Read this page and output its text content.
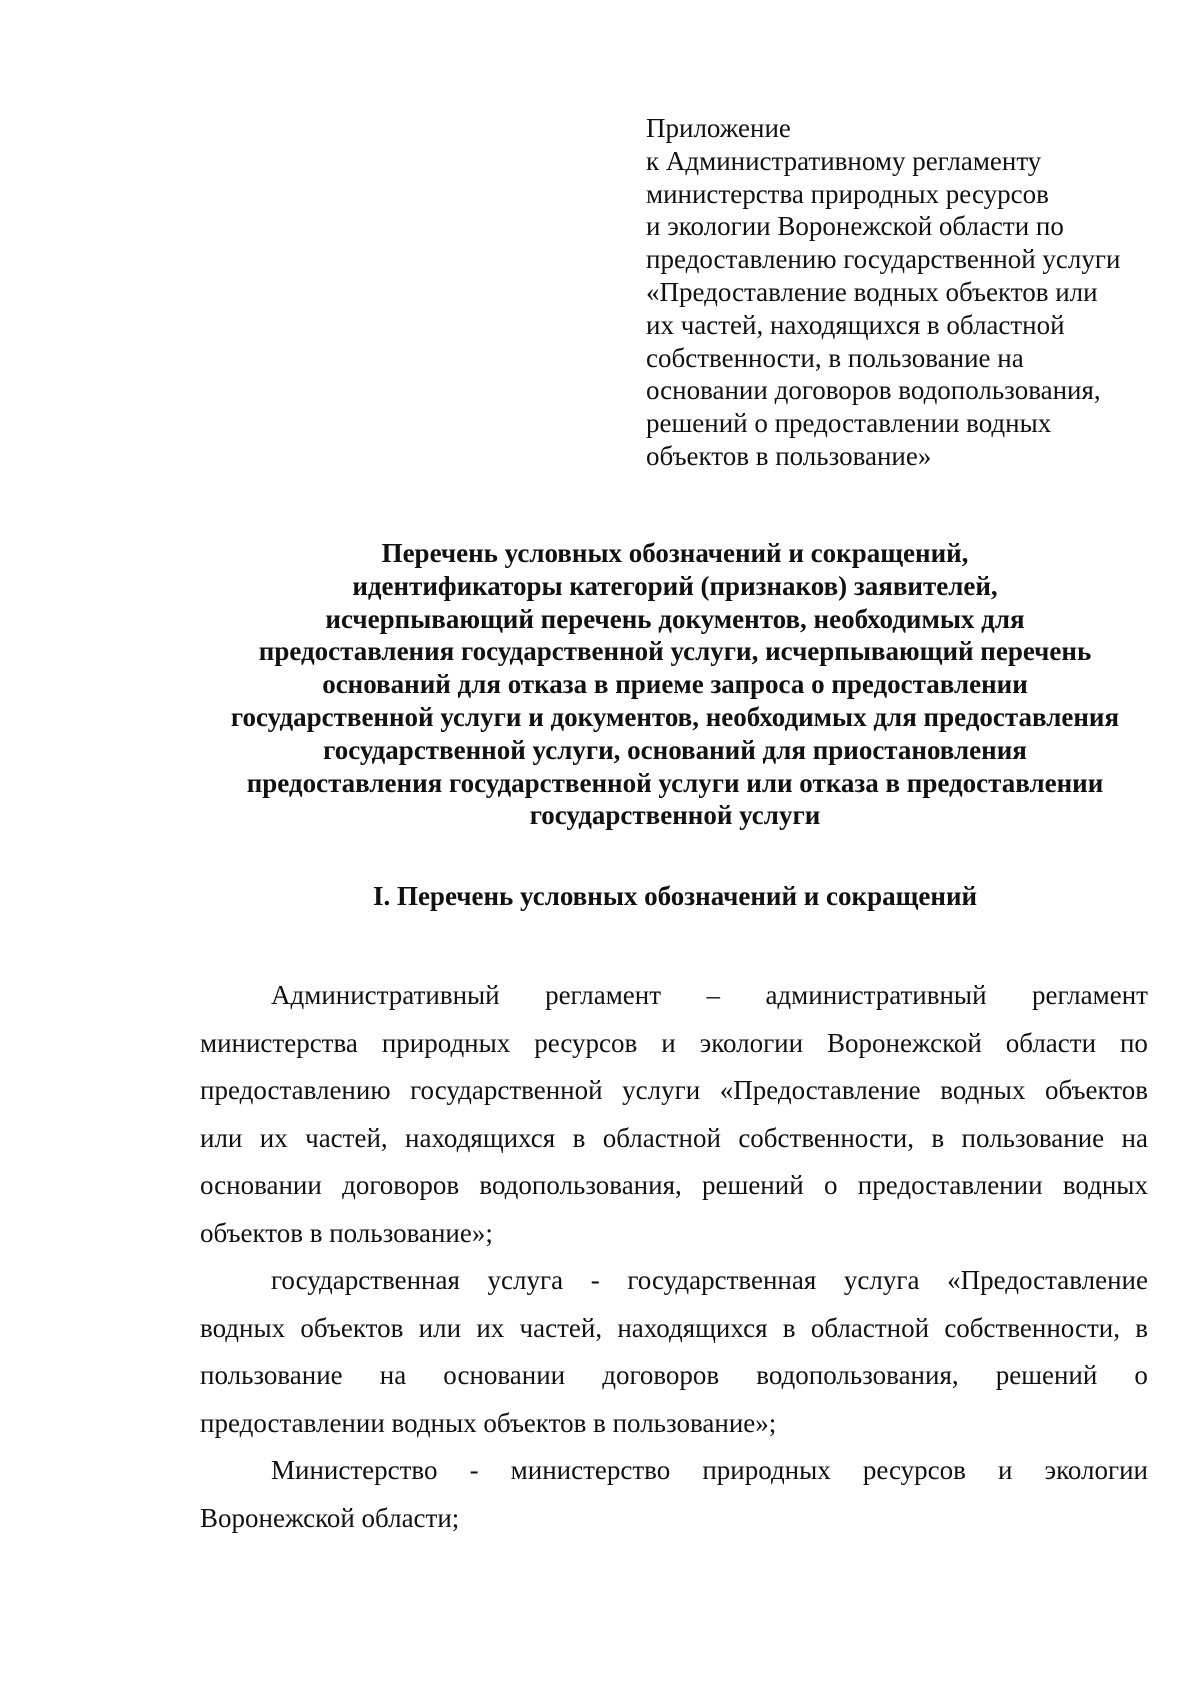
Приложение
к Административному регламенту
министерства природных ресурсов
и экологии Воронежской области по
предоставлению государственной услуги
«Предоставление водных объектов или
их частей, находящихся в областной
собственности, в пользование на
основании договоров водопользования,
решений о предоставлении водных
объектов в пользование»
Перечень условных обозначений и сокращений,
идентификаторы категорий (признаков) заявителей,
исчерпывающий перечень документов, необходимых для
предоставления государственной услуги, исчерпывающий перечень
оснований для отказа в приеме запроса о предоставлении
государственной услуги и документов, необходимых для предоставления
государственной услуги, оснований для приостановления
предоставления государственной услуги или отказа в предоставлении
государственной услуги
I. Перечень условных обозначений и сокращений
Административный регламент – административный регламент
министерства природных ресурсов и экологии Воронежской области по
предоставлению государственной услуги «Предоставление водных объектов
или их частей, находящихся в областной собственности, в пользование на
основании договоров водопользования, решений о предоставлении водных
объектов в пользование»;
государственная услуга - государственная услуга «Предоставление
водных объектов или их частей, находящихся в областной собственности, в
пользование на основании договоров водопользования, решений о
предоставлении водных объектов в пользование»;
Министерство - министерство природных ресурсов и экологии
Воронежской области;
